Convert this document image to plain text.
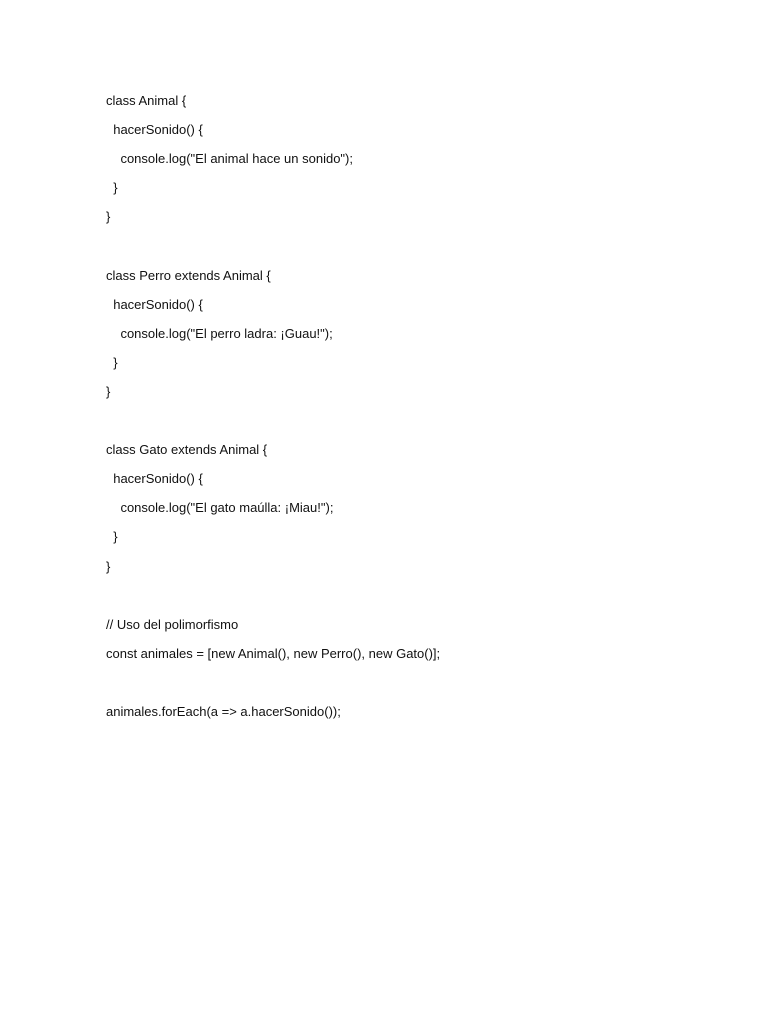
class Animal {
hacerSonido() {
console.log("El animal hace un sonido");
}
}
class Perro extends Animal {
hacerSonido() {
console.log("El perro ladra: ¡Guau!");
}
}
class Gato extends Animal {
hacerSonido() {
console.log("El gato maúlla: ¡Miau!");
}
}
// Uso del polimorfismo
const animales = [new Animal(), new Perro(), new Gato()];
animales.forEach(a => a.hacerSonido());
